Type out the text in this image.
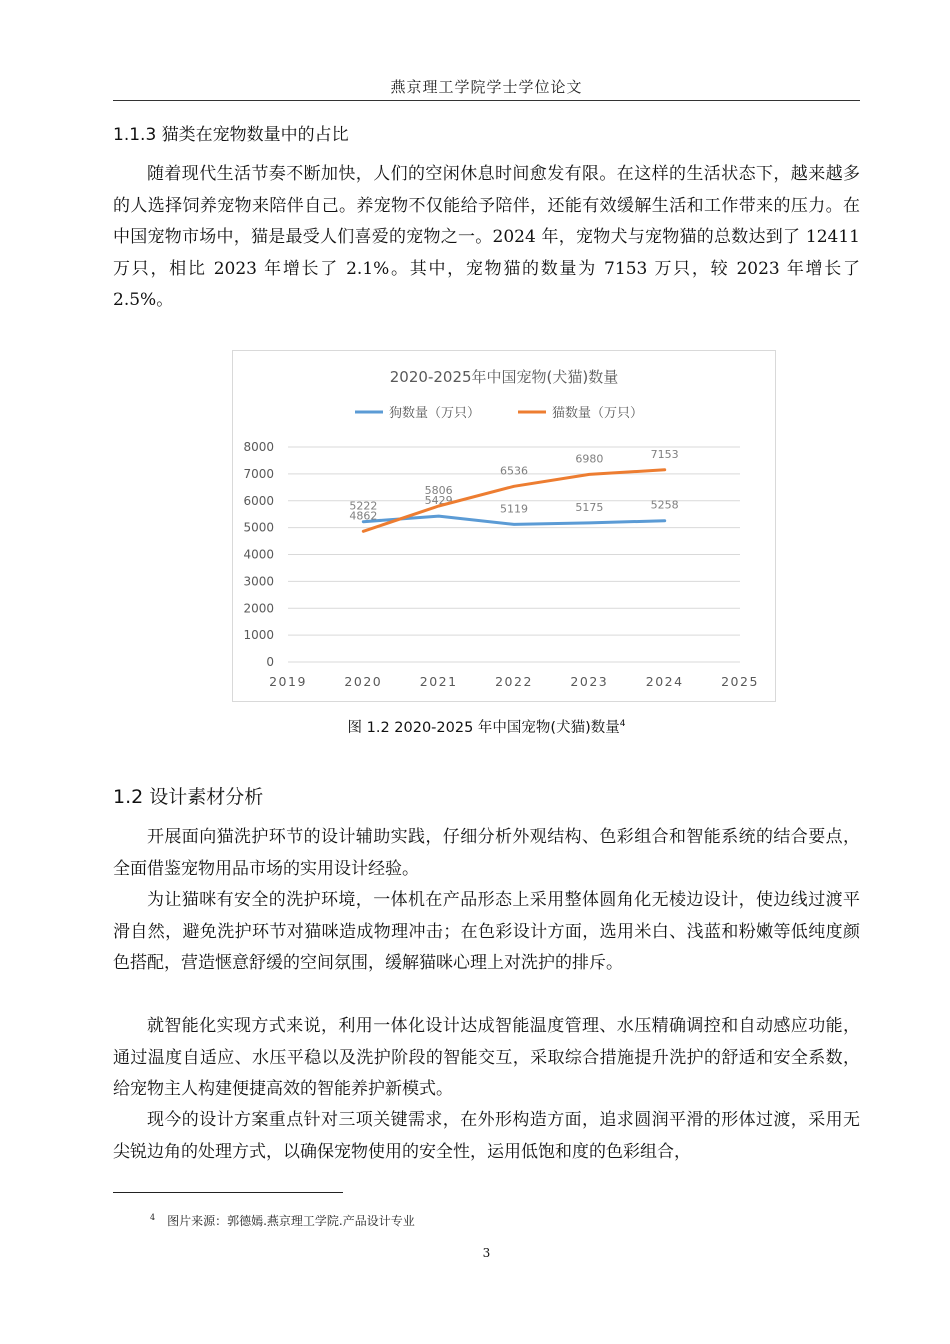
燕京理工学院学士学位论文
1.1.3 猫类在宠物数量中的占比

随着现代生活节奏不断加快，人们的空闲休息时间愈发有限。在这样的生活状态下，越来越多的人选择饲养宠物来陪伴自己。养宠物不仅能给予陪伴，还能有效缓解生活和工作带来的压力。在中国宠物市场中，猫是最受人们喜爱的宠物之一。2024 年，宠物犬与宠物猫的总数达到了 12411 万只，相比 2023 年增长了 2.1%。其中，宠物猫的数量为 7153 万只，较 2023 年增长了 2.5%。

2020-2025年中国宠物(犬猫)数量
狗数量（万只）	猫数量（万只）
0
1000
2000
3000
4000
5000
6000
7000
8000
2019	2020	2021	2022	2023	2024	2025
5222	5429
5119	5175	5258
4862
5806
6536
6980	7153
图 1.2 2020-2025 年中国宠物(犬猫)数量$^4$
1.2 设计素材分析

开展面向猫洗护环节的设计辅助实践，仔细分析外观结构、色彩组合和智能系统的结合要点，全面借鉴宠物用品市场的实用设计经验。

为让猫咪有安全的洗护环境，一体机在产品形态上采用整体圆角化无棱边设计，使边线过渡平滑自然，避免洗护环节对猫咪造成物理冲击；在色彩设计方面，选用米白、浅蓝和粉嫩等低纯度颜色搭配，营造惬意舒缓的空间氛围，缓解猫咪心理上对洗护的排斥。

就智能化实现方式来说，利用一体化设计达成智能温度管理、水压精确调控和自动感应功能，通过温度自适应、水压平稳以及洗护阶段的智能交互，采取综合措施提升洗护的舒适和安全系数，给宠物主人构建便捷高效的智能养护新模式。

现今的设计方案重点针对三项关键需求，在外形构造方面，追求圆润平滑的形体过渡，采用无尖锐边角的处理方式，以确保宠物使用的安全性，运用低饱和度的色彩组合，

$^4$ 图片来源：郭德嫣.燕京理工学院.产品设计专业
3
